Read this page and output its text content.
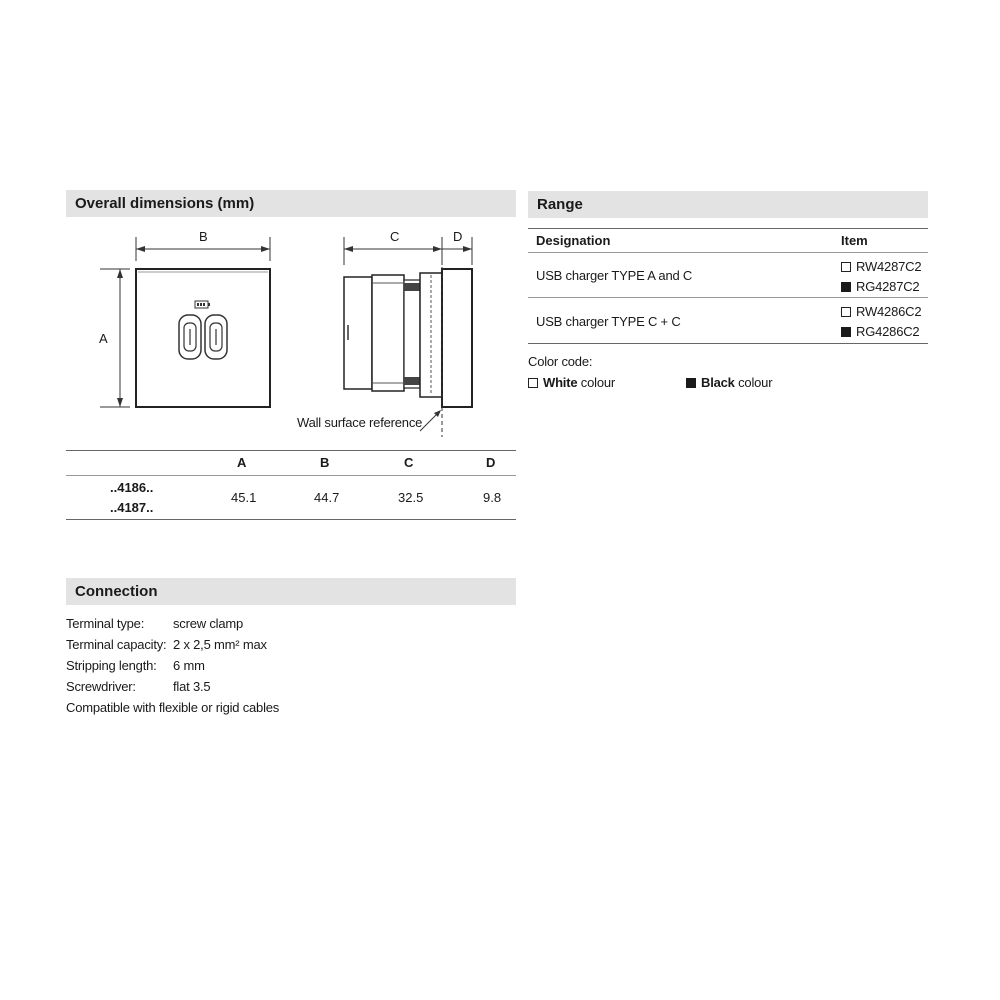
Overall dimensions (mm)
B
A
C	D
Wall surface reference
A	B	C	D
..4186..
..4187..
45.1	44.7	32.5	9.8
Range
Designation	Item
USB charger TYPE A and C
RW4287C2
RG4287C2
USB charger TYPE C + C
RW4286C2
RG4286C2
Color code:
White colour	Black colour
Connection
Terminal type: screw clamp
Terminal capacity: 2 x 2,5 mm² max
Stripping length: 6 mm
Screwdriver:	flat 3.5
Compatible with flexible or rigid cables
